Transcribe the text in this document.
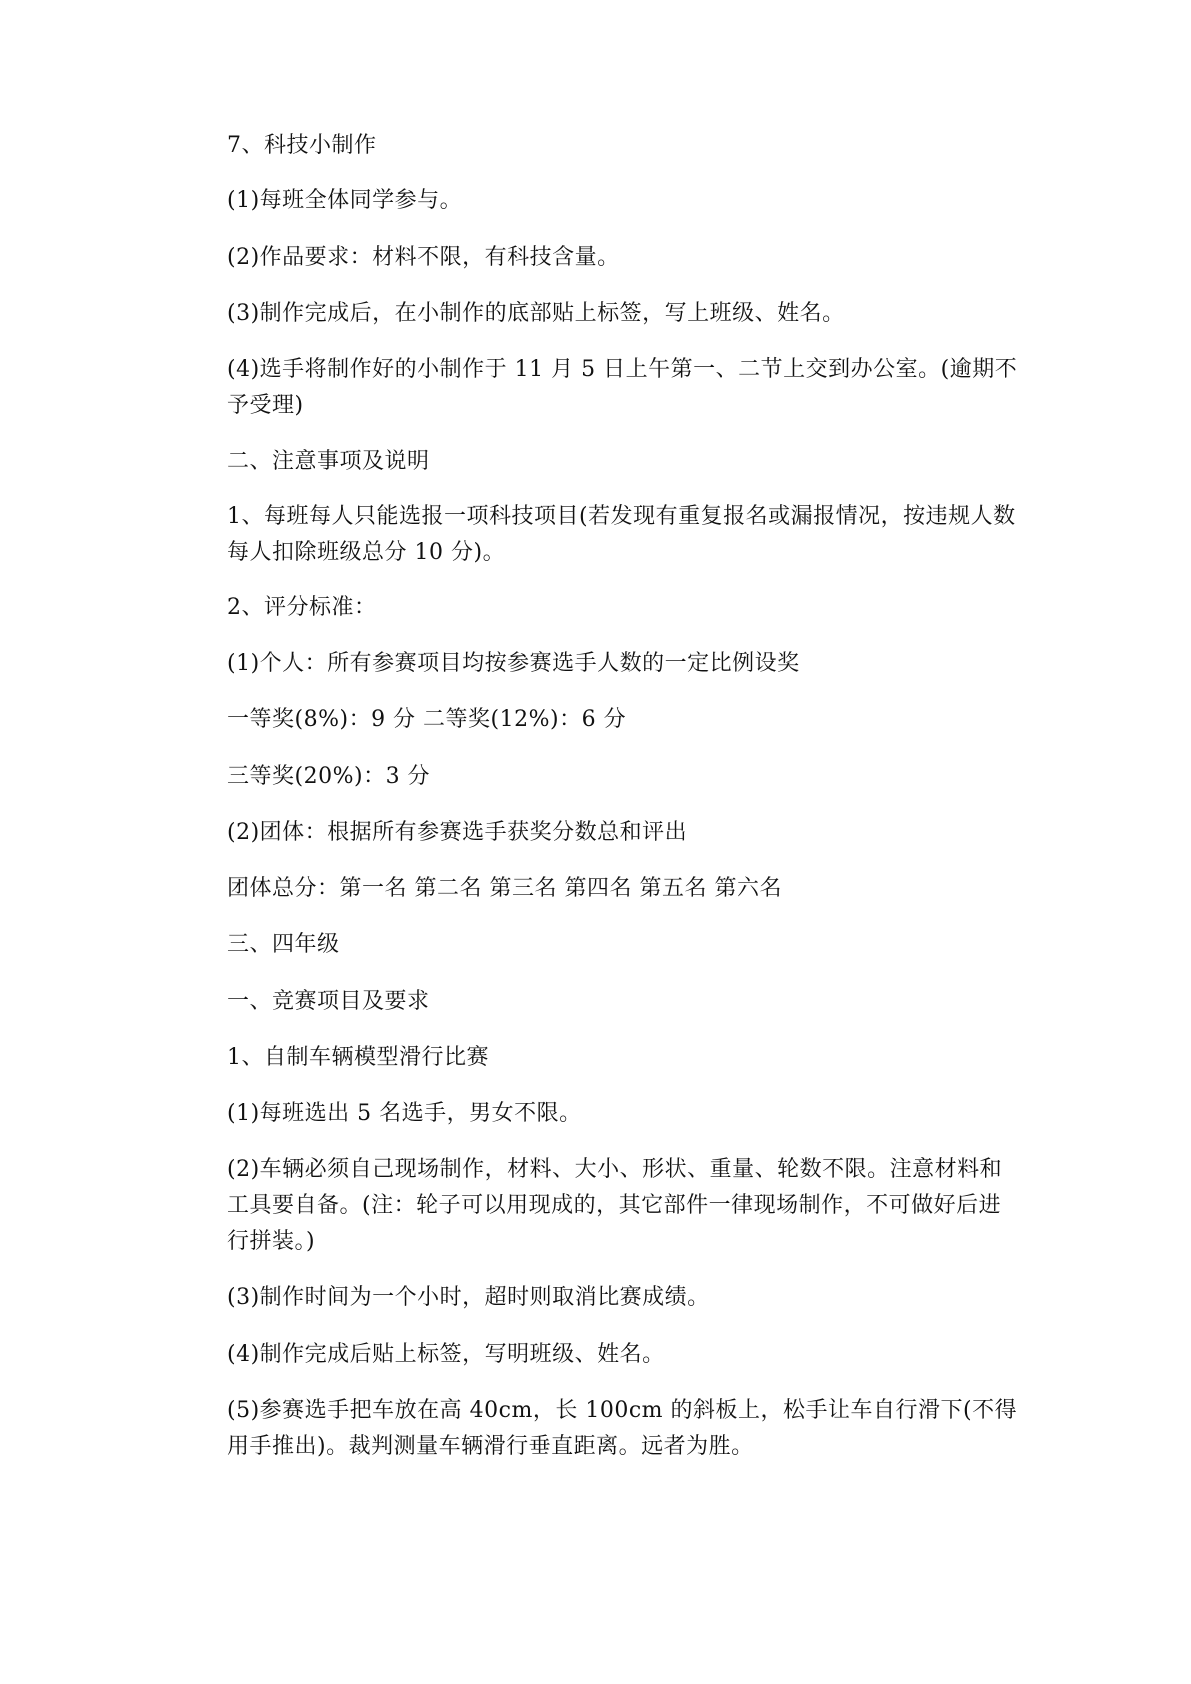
7、科技小制作

(1)每班全体同学参与。

(2)作品要求：材料不限，有科技含量。

(3)制作完成后，在小制作的底部贴上标签，写上班级、姓名。

(4)选手将制作好的小制作于 11 月 5 日上午第一、二节上交到办公室。(逾期不予受理)

二、注意事项及说明

1、每班每人只能选报一项科技项目(若发现有重复报名或漏报情况，按违规人数每人扣除班级总分 10 分)。

2、评分标准：

(1)个人：所有参赛项目均按参赛选手人数的一定比例设奖

一等奖(8%)：9 分 二等奖(12%)：6 分

三等奖(20%)：3 分

(2)团体：根据所有参赛选手获奖分数总和评出

团体总分：第一名 第二名 第三名 第四名 第五名 第六名

三、四年级

一、竞赛项目及要求

1、自制车辆模型滑行比赛

(1)每班选出 5 名选手，男女不限。

(2)车辆必须自己现场制作，材料、大小、形状、重量、轮数不限。注意材料和工具要自备。(注：轮子可以用现成的，其它部件一律现场制作，不可做好后进行拼装。)

(3)制作时间为一个小时，超时则取消比赛成绩。

(4)制作完成后贴上标签，写明班级、姓名。

(5)参赛选手把车放在高 40cm，长 100cm 的斜板上，松手让车自行滑下(不得用手推出)。裁判测量车辆滑行垂直距离。远者为胜。
